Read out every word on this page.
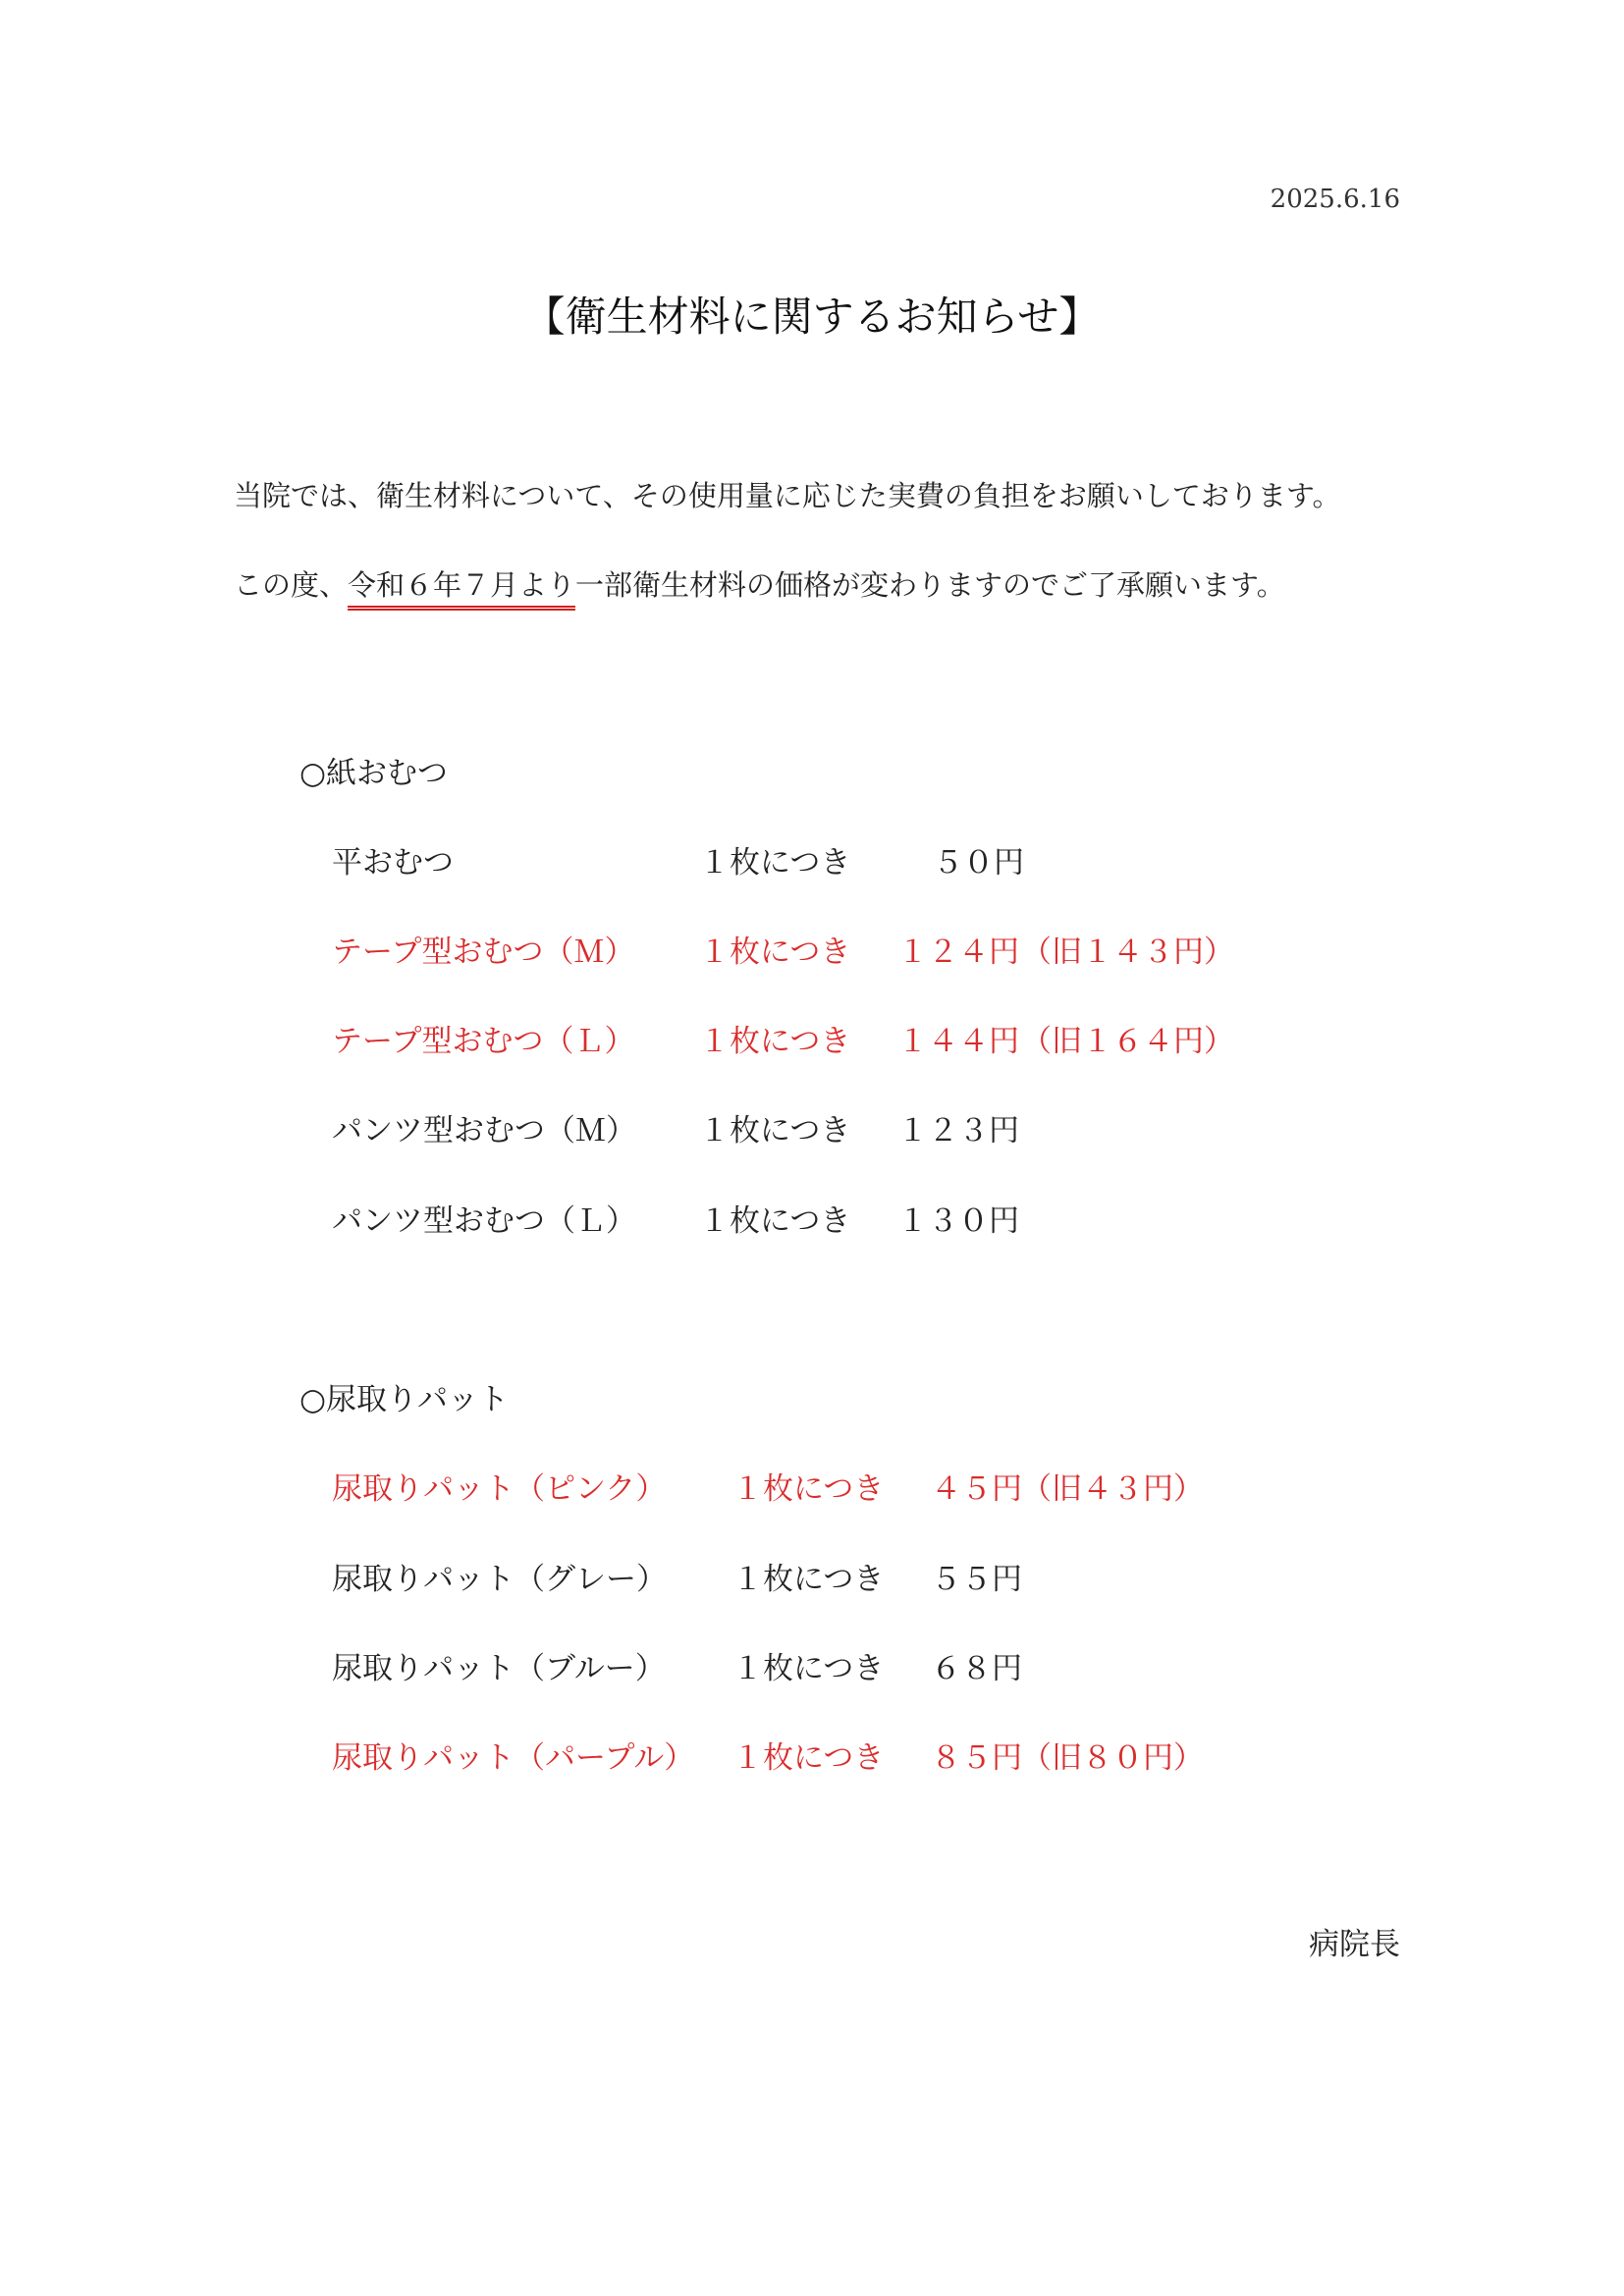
2025.6.16
【衛生材料に関するお知らせ】
当院では、衛生材料について、その使用量に応じた実費の負担をお願いしております。
この度、令和６年７月より一部衛生材料の価格が変わりますのでご了承願います。
○紙おむつ
平おむつ	１枚につき	５０円
テープ型おむつ（Ｍ） １枚につき １２４円 （旧１４３円）
テープ型おむつ（Ｌ） １枚につき １４４円 （旧１６４円）
パンツ型おむつ（Ｍ） １枚につき １２３円
パンツ型おむつ（Ｌ） １枚につき １３０円
○尿取りパット
尿取りパット（ピンク） １枚につき ４５円 （旧４３円）
尿取りパット（グレー） １枚につき ５５円
尿取りパット（ブルー） １枚につき ６８円
尿取りパット（パープル） １枚につき ８５円 （旧８０円）
病院長
